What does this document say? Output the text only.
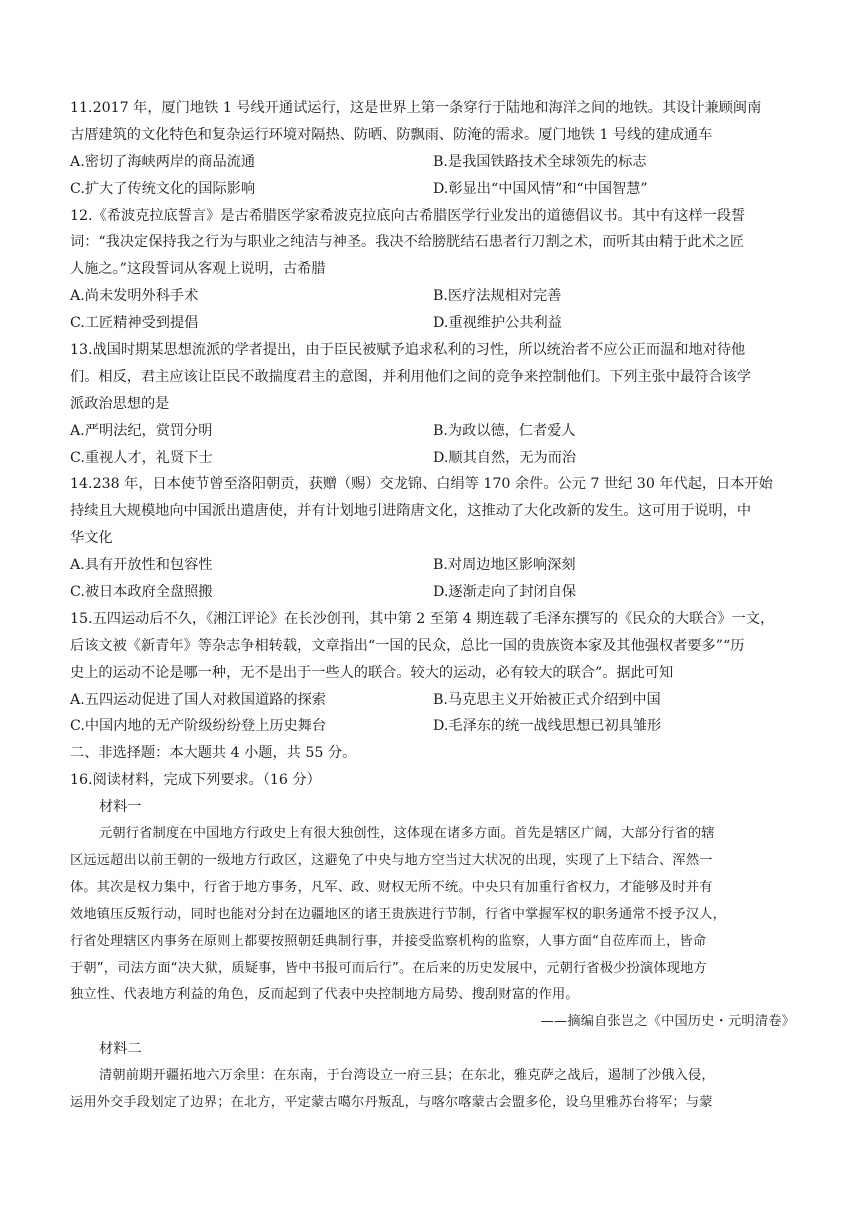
11.2017 年，厦门地铁 1 号线开通试运行，这是世界上第一条穿行于陆地和海洋之间的地铁。其设计兼顾闽南
古厝建筑的文化特色和复杂运行环境对隔热、防晒、防飘雨、防淹的需求。厦门地铁 1 号线的建成通车
A.密切了海峡两岸的商品流通	B.是我国铁路技术全球领先的标志
C.扩大了传统文化的国际影响	D.彰显出“中国风情”和“中国智慧”
12.《希波克拉底誓言》是古希腊医学家希波克拉底向古希腊医学行业发出的道德倡议书。其中有这样一段誓
词：“我决定保持我之行为与职业之纯洁与神圣。我决不给膀胱结石患者行刀割之术，而听其由精于此术之匠
人施之。”这段誓词从客观上说明，古希腊
A.尚未发明外科手术	B.医疗法规相对完善
C.工匠精神受到提倡	D.重视维护公共利益
13.战国时期某思想流派的学者提出，由于臣民被赋予追求私利的习性，所以统治者不应公正而温和地对待他
们。相反，君主应该让臣民不敢揣度君主的意图，并利用他们之间的竞争来控制他们。下列主张中最符合该学
派政治思想的是
A.严明法纪，赏罚分明	B.为政以德，仁者爱人
C.重视人才，礼贤下士	D.顺其自然，无为而治
14.238 年，日本使节曾至洛阳朝贡，获赠（赐）交龙锦、白绢等 170 余件。公元 7 世纪 30 年代起，日本开始
持续且大规模地向中国派出遣唐使，并有计划地引进隋唐文化，这推动了大化改新的发生。这可用于说明，中
华文化
A.具有开放性和包容性	B.对周边地区影响深刻
C.被日本政府全盘照搬	D.逐渐走向了封闭自保
15.五四运动后不久，《湘江评论》在长沙创刊，其中第 2 至第 4 期连载了毛泽东撰写的《民众的大联合》一文，
后该文被《新青年》等杂志争相转载，文章指出“一国的民众，总比一国的贵族资本家及其他强权者要多”“历
史上的运动不论是哪一种，无不是出于一些人的联合。较大的运动，必有较大的联合”。据此可知
A.五四运动促进了国人对救国道路的探索	B.马克思主义开始被正式介绍到中国
C.中国内地的无产阶级纷纷登上历史舞台	D.毛泽东的统一战线思想已初具雏形
二、非选择题：本大题共 4 小题，共 55 分。
16.阅读材料，完成下列要求。（16 分）
材料一
元朝行省制度在中国地方行政史上有很大独创性，这体现在诸多方面。首先是辖区广阔，大部分行省的辖
区远远超出以前王朝的一级地方行政区，这避免了中央与地方空当过大状况的出现，实现了上下结合、浑然一
体。其次是权力集中，行省于地方事务，凡军、政、财权无所不统。中央只有加重行省权力，才能够及时并有
效地镇压反叛行动，同时也能对分封在边疆地区的诸王贵族进行节制，行省中掌握军权的职务通常不授予汉人，
行省处理辖区内事务在原则上都要按照朝廷典制行事，并接受监察机构的监察，人事方面“自莅库而上，皆命
于朝”，司法方面“决大狱，质疑事，皆中书报可而后行”。在后来的历史发展中，元朝行省极少扮演体现地方
独立性、代表地方利益的角色，反而起到了代表中央控制地方局势、搜刮财富的作用。
——摘编自张岂之《中国历史・元明清卷》
材料二
清朝前期开疆拓地六万余里：在东南，于台湾设立一府三县；在东北，雅克萨之战后，遏制了沙俄入侵，
运用外交手段划定了边界；在北方，平定蒙古噶尔丹叛乱，与喀尔喀蒙古会盟多伦，设乌里雅苏台将军；与蒙
